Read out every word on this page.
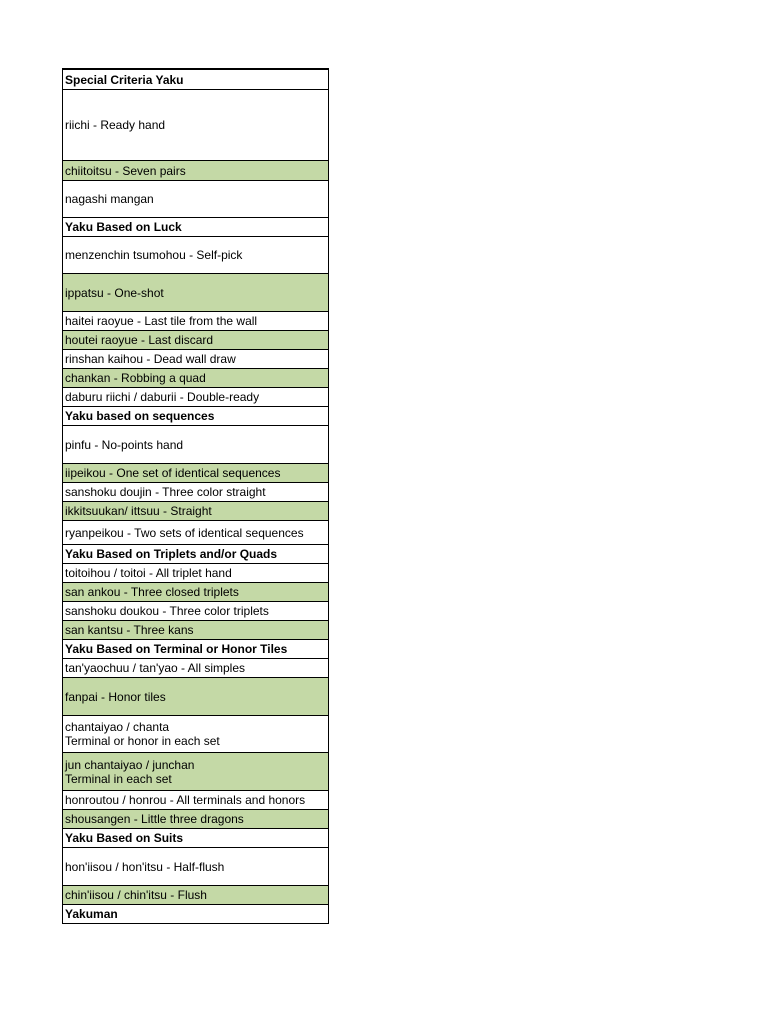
Special Criteria Yaku
riichi - Ready hand
chiitoitsu - Seven pairs
nagashi mangan
Yaku Based on Luck
menzenchin tsumohou - Self-pick
ippatsu - One-shot
haitei raoyue - Last tile from the wall
houtei raoyue - Last discard
rinshan kaihou - Dead wall draw
chankan - Robbing a quad
daburu riichi / daburii - Double-ready
Yaku based on sequences
pinfu - No-points hand
iipeikou - One set of identical sequences
sanshoku doujin - Three color straight
ikkitsuukan/ ittsuu - Straight
ryanpeikou - Two sets of identical sequences
Yaku Based on Triplets and/or Quads
toitoihou / toitoi - All triplet hand
san ankou - Three closed triplets
sanshoku doukou - Three color triplets
san kantsu - Three kans
Yaku Based on Terminal or Honor Tiles
tan'yaochuu / tan'yao - All simples
fanpai - Honor tiles
chantaiyao / chanta
Terminal or honor in each set
jun chantaiyao / junchan
Terminal in each set
honroutou / honrou - All terminals and honors
shousangen - Little three dragons
Yaku Based on Suits
hon'iisou / hon'itsu - Half-flush
chin'iisou / chin'itsu - Flush
Yakuman
